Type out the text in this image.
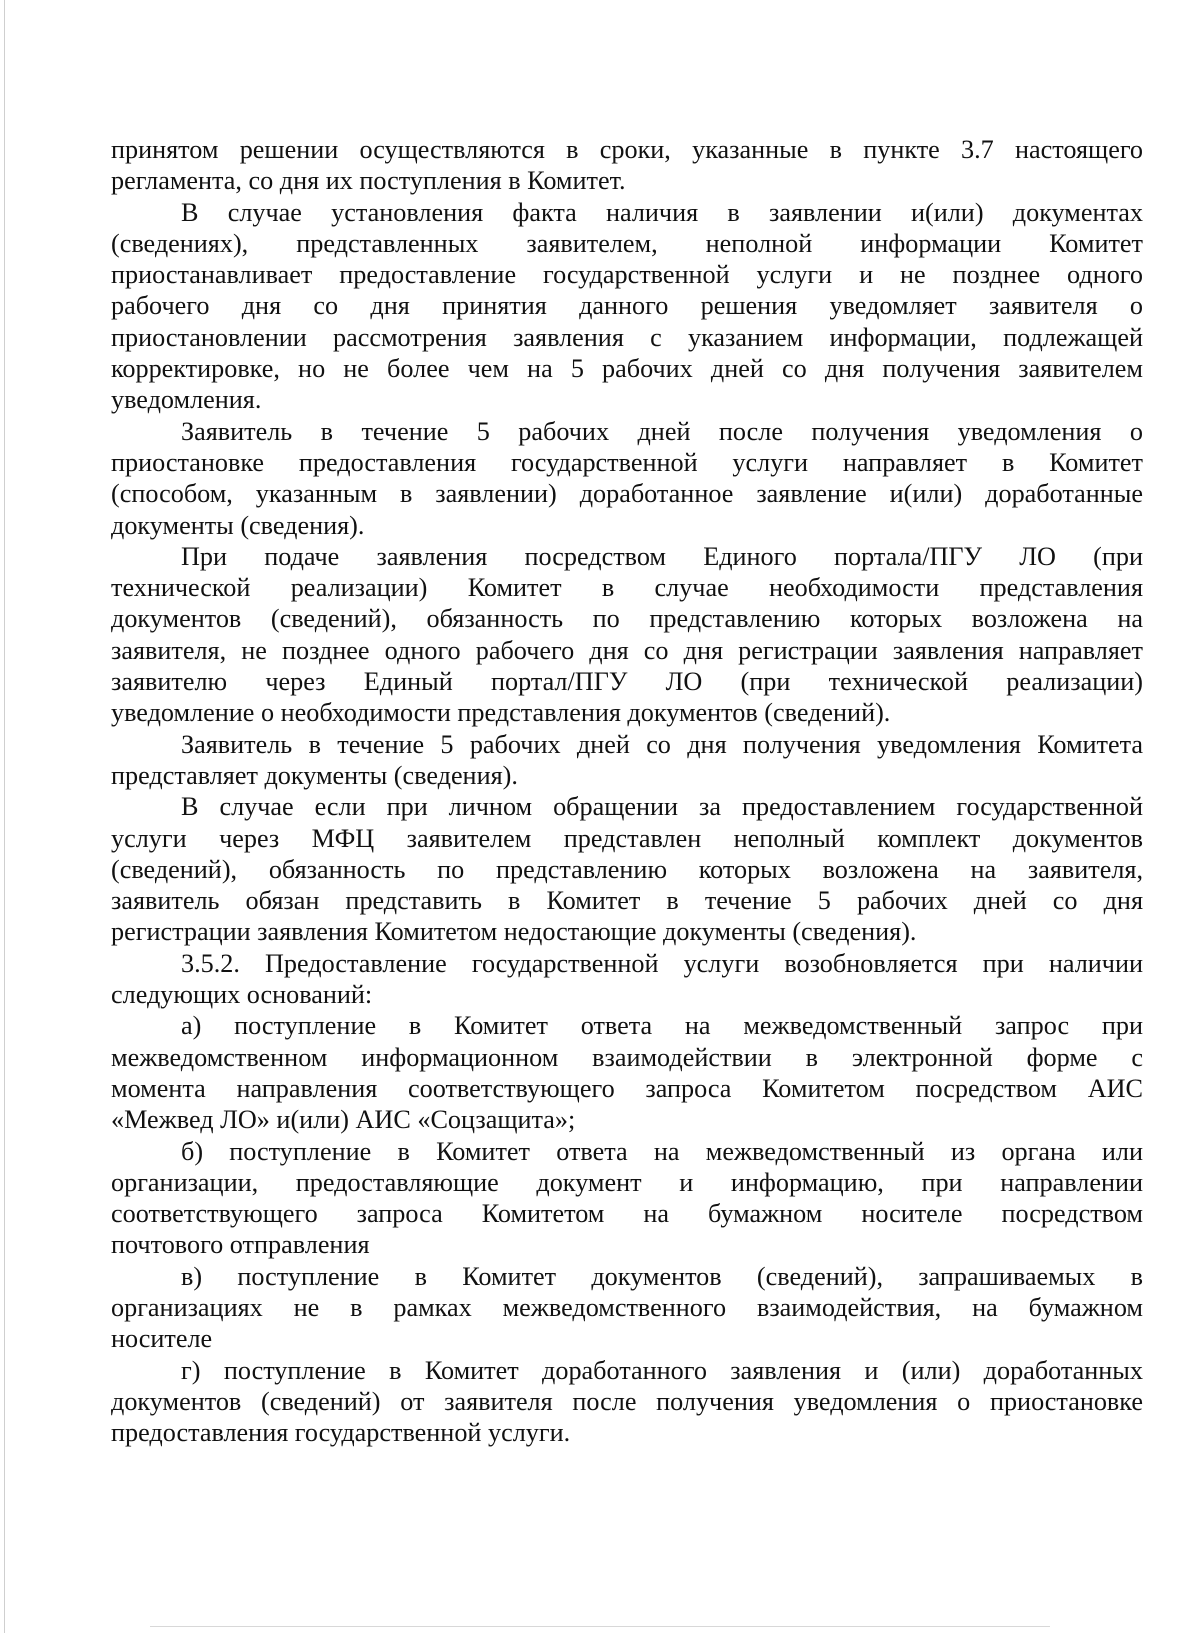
принятом решении осуществляются в сроки, указанные в пункте 3.7 настоящего
регламента, со дня их поступления в Комитет.

В случае установления факта наличия в заявлении и(или) документах
(сведениях), представленных заявителем, неполной информации Комитет
приостанавливает предоставление государственной услуги и не позднее одного
рабочего дня со дня принятия данного решения уведомляет заявителя о
приостановлении рассмотрения заявления с указанием информации, подлежащей
корректировке, но не более чем на 5 рабочих дней со дня получения заявителем
уведомления.

Заявитель в течение 5 рабочих дней после получения уведомления о
приостановке предоставления государственной услуги направляет в Комитет
(способом, указанным в заявлении) доработанное заявление и(или) доработанные
документы (сведения).

При подаче заявления посредством Единого портала/ПГУ ЛО (при
технической реализации) Комитет в случае необходимости представления
документов (сведений), обязанность по представлению которых возложена на
заявителя, не позднее одного рабочего дня со дня регистрации заявления направляет
заявителю через Единый портал/ПГУ ЛО (при технической реализации)
уведомление о необходимости представления документов (сведений).

Заявитель в течение 5 рабочих дней со дня получения уведомления Комитета
представляет документы (сведения).

В случае если при личном обращении за предоставлением государственной
услуги через МФЦ заявителем представлен неполный комплект документов
(сведений), обязанность по представлению которых возложена на заявителя,
заявитель обязан представить в Комитет в течение 5 рабочих дней со дня
регистрации заявления Комитетом недостающие документы (сведения).

3.5.2. Предоставление государственной услуги возобновляется при наличии
следующих оснований:

а) поступление в Комитет ответа на межведомственный запрос при
межведомственном информационном взаимодействии в электронной форме с
момента направления соответствующего запроса Комитетом посредством АИС
«Межвед ЛО» и(или) АИС «Соцзащита»;

б) поступление в Комитет ответа на межведомственный из органа или
организации, предоставляющие документ и информацию, при направлении
соответствующего запроса Комитетом на бумажном носителе посредством
почтового отправления

в) поступление в Комитет документов (сведений), запрашиваемых в
организациях не в рамках межведомственного взаимодействия, на бумажном
носителе

г) поступление в Комитет доработанного заявления и (или) доработанных
документов (сведений) от заявителя после получения уведомления о приостановке
предоставления государственной услуги.
